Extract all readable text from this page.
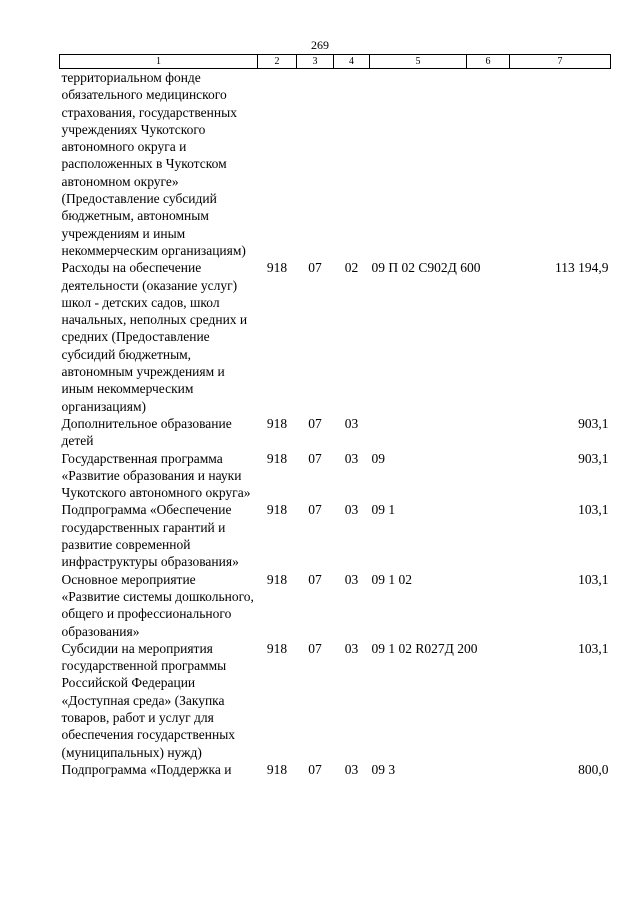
269
1	2	3	4	5	6	7
территориальном фонде обязательного медицинского страхования, государственных учреждениях Чукотского автономного округа и расположенных в Чукотском автономном округе» (Предоставление субсидий бюджетным, автономным учреждениям и иным некоммерческим организациям)						
Расходы на обеспечение деятельности (оказание услуг) школ - детских садов, школ начальных, неполных средних и средних (Предоставление субсидий бюджетным, автономным учреждениям и иным некоммерческим организациям)	918	07	02	09 П 02 С902Д 600		113 194,9
Дополнительное образование детей	918	07	03			903,1
Государственная программа «Развитие образования и науки Чукотского автономного округа»	918	07	03	09		903,1
Подпрограмма «Обеспечение государственных гарантий и развитие современной инфраструктуры образования»	918	07	03	09 1		103,1
Основное мероприятие «Развитие системы дошкольного, общего и профессионального образования»	918	07	03	09 1 02		103,1
Субсидии на мероприятия государственной программы Российской Федерации «Доступная среда» (Закупка товаров, работ и услуг для обеспечения государственных (муниципальных) нужд)	918	07	03	09 1 02 R027Д 200		103,1
Подпрограмма «Поддержка и	918	07	03	09 3		800,0
